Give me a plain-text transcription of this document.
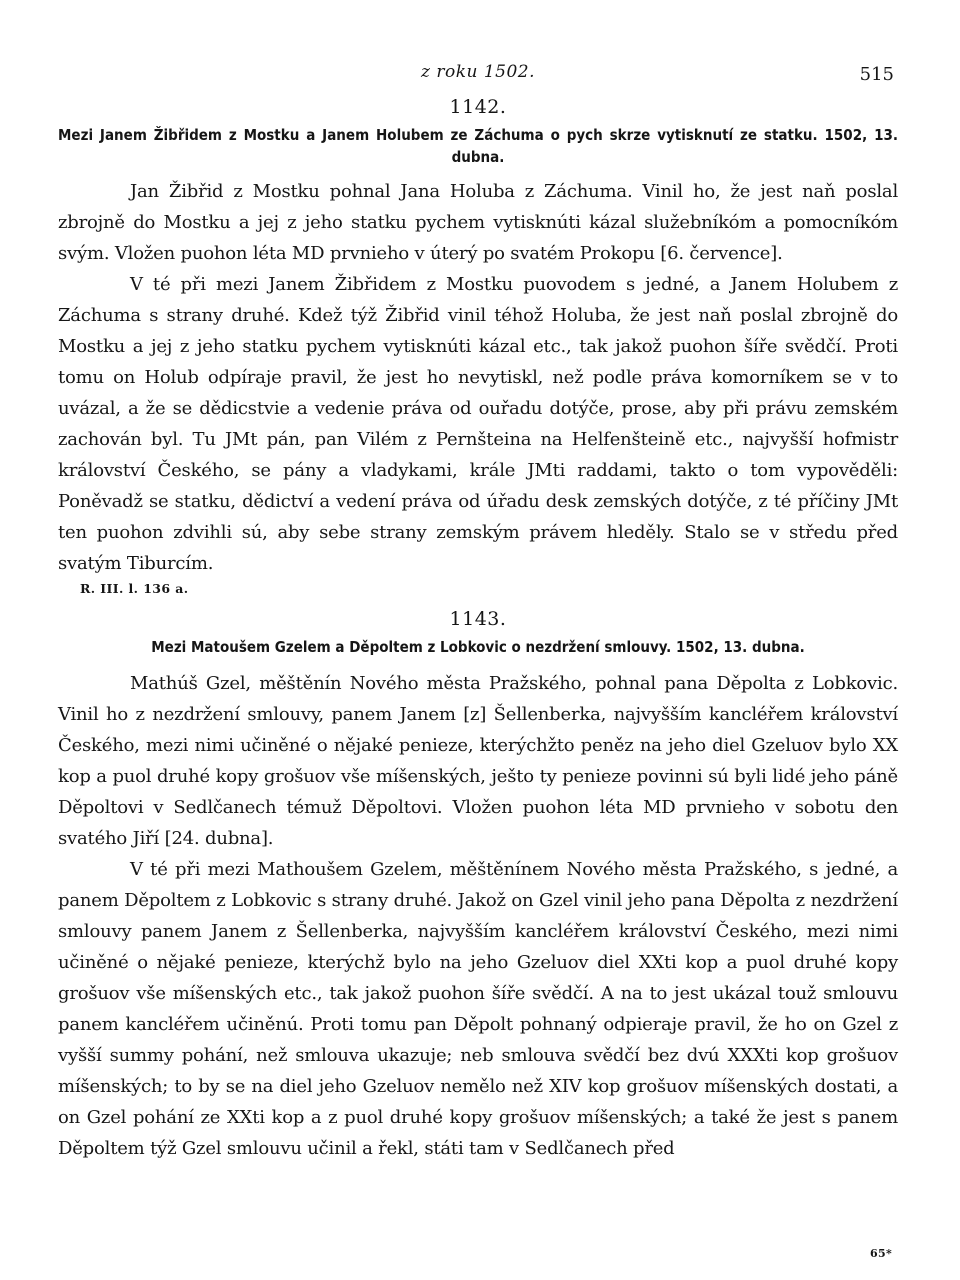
z roku 1502.	515
1142.
Mezi Janem Žibřidem z Mostku a Janem Holubem ze Záchuma o pych skrze vytisknutí ze statku. 1502, 13. dubna.

Jan Žibřid z Mostku pohnal Jana Holuba z Záchuma. Vinil ho, že jest naň poslal zbrojně do Mostku a jej z jeho statku pychem vytisknúti kázal služebníkóm a pomocníkóm svým. Vložen puohon léta MD prvnieho v úterý po svatém Prokopu [6. července].

V té při mezi Janem Žibřidem z Mostku puovodem s jedné, a Janem Holubem z Záchuma s strany druhé. Kdež týž Žibřid vinil téhož Holuba, že jest naň poslal zbrojně do Mostku a jej z jeho statku pychem vytisknúti kázal etc., tak jakož puohon šíře svědčí. Proti tomu on Holub odpíraje pravil, že jest ho nevytiskl, než podle práva komorníkem se v to uvázal, a že se dědicstvie a vedenie práva od ouřadu dotýče, prose, aby při právu zemském zachován byl. Tu JMt pán, pan Vilém z Pernšteina na Helfenšteině etc., najvyšší hofmistr království Českého, se pány a vladykami, krále JMti raddami, takto o tom vypověděli: Poněvadž se statku, dědictví a vedení práva od úřadu desk zemských dotýče, z té příčiny JMt ten puohon zdvihli sú, aby sebe strany zemským právem hleděly. Stalo se v středu před svatým Tiburcím.

R. III. l. 136 a.
1143.
Mezi Matoušem Gzelem a Děpoltem z Lobkovic o nezdržení smlouvy. 1502, 13. dubna.

Mathúš Gzel, měštěnín Nového města Pražského, pohnal pana Děpolta z Lobkovic. Vinil ho z nezdržení smlouvy, panem Janem [z] Šellenberka, najvyšším kancléřem království Českého, mezi nimi učiněné o nějaké penieze, kterýchžto peněz na jeho diel Gzeluov bylo XX kop a puol druhé kopy grošuov vše míšenských, ješto ty penieze povinni sú byli lidé jeho páně Děpoltovi v Sedlčanech témuž Děpoltovi. Vložen puohon léta MD prvnieho v sobotu den svatého Jiří [24. dubna].

V té při mezi Mathoušem Gzelem, měštěnínem Nového města Pražského, s jedné, a panem Děpoltem z Lobkovic s strany druhé. Jakož on Gzel vinil jeho pana Děpolta z nezdržení smlouvy panem Janem z Šellenberka, najvyšším kancléřem království Českého, mezi nimi učiněné o nějaké penieze, kterýchž bylo na jeho Gzeluov diel XXti kop a puol druhé kopy grošuov vše míšenských etc., tak jakož puohon šíře svědčí. A na to jest ukázal touž smlouvu panem kancléřem učiněnú. Proti tomu pan Děpolt pohnaný odpieraje pravil, že ho on Gzel z vyšší summy pohání, než smlouva ukazuje; neb smlouva svědčí bez dvú XXXti kop grošuov míšenských; to by se na diel jeho Gzeluov nemělo než XIV kop grošuov míšenských dostati, a on Gzel pohání ze XXti kop a z puol druhé kopy grošuov míšenských; a také že jest s panem Děpoltem týž Gzel smlouvu učinil a řekl, státi tam v Sedlčanech před

65*
